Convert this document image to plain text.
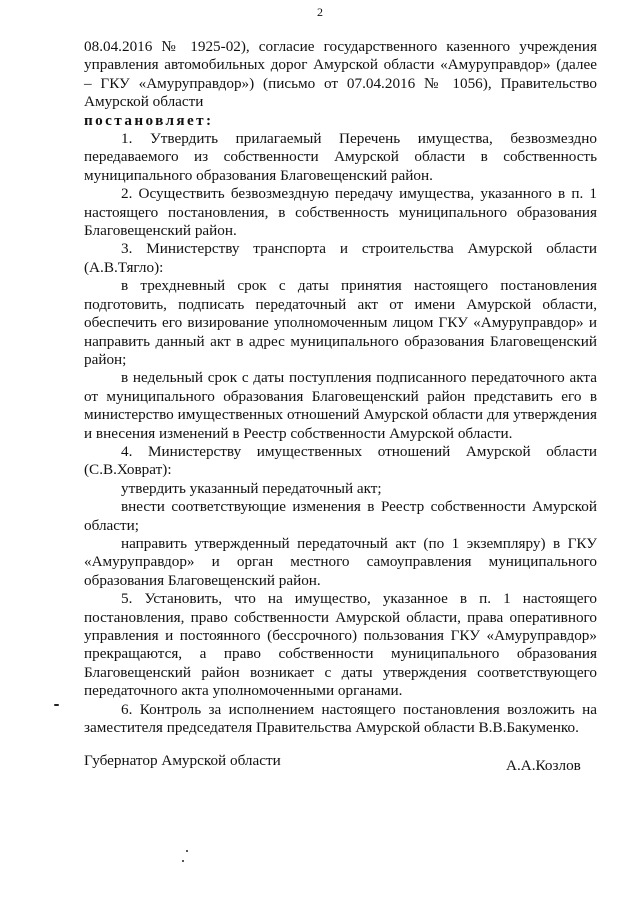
2

08.04.2016 № 1925-02), согласие государственного казенного учреждения управления автомобильных дорог Амурской области «Амуруправдор» (далее – ГКУ «Амуруправдор») (письмо от 07.04.2016 № 1056), Правительство Амурской области

постановляет:

1. Утвердить прилагаемый Перечень имущества, безвозмездно передаваемого из собственности Амурской области в собственность муниципального образования Благовещенский район.

2. Осуществить безвозмездную передачу имущества, указанного в п. 1 настоящего постановления, в собственность муниципального образования Благовещенский район.

3. Министерству транспорта и строительства Амурской области (А.В.Тягло):

в трехдневный срок с даты принятия настоящего постановления подготовить, подписать передаточный акт от имени Амурской области, обеспечить его визирование уполномоченным лицом ГКУ «Амуруправдор» и направить данный акт в адрес муниципального образования Благовещенский район;

в недельный срок с даты поступления подписанного передаточного акта от муниципального образования Благовещенский район представить его в министерство имущественных отношений Амурской области для утверждения и внесения изменений в Реестр собственности Амурской области.

4. Министерству имущественных отношений Амурской области (С.В.Ховрат):

утвердить указанный передаточный акт;

внести соответствующие изменения в Реестр собственности Амурской области;

направить утвержденный передаточный акт (по 1 экземпляру) в ГКУ «Амуруправдор» и орган местного самоуправления муниципального образования Благовещенский район.

5. Установить, что на имущество, указанное в п. 1 настоящего постановления, право собственности Амурской области, права оперативного управления и постоянного (бессрочного) пользования ГКУ «Амуруправдор» прекращаются, а право собственности муниципального образования Благовещенский район возникает с даты утверждения соответствующего передаточного акта уполномоченными органами.

6. Контроль за исполнением настоящего постановления возложить на заместителя председателя Правительства Амурской области В.В.Бакуменко.

Губернатор Амурской области	А.А.Козлов
